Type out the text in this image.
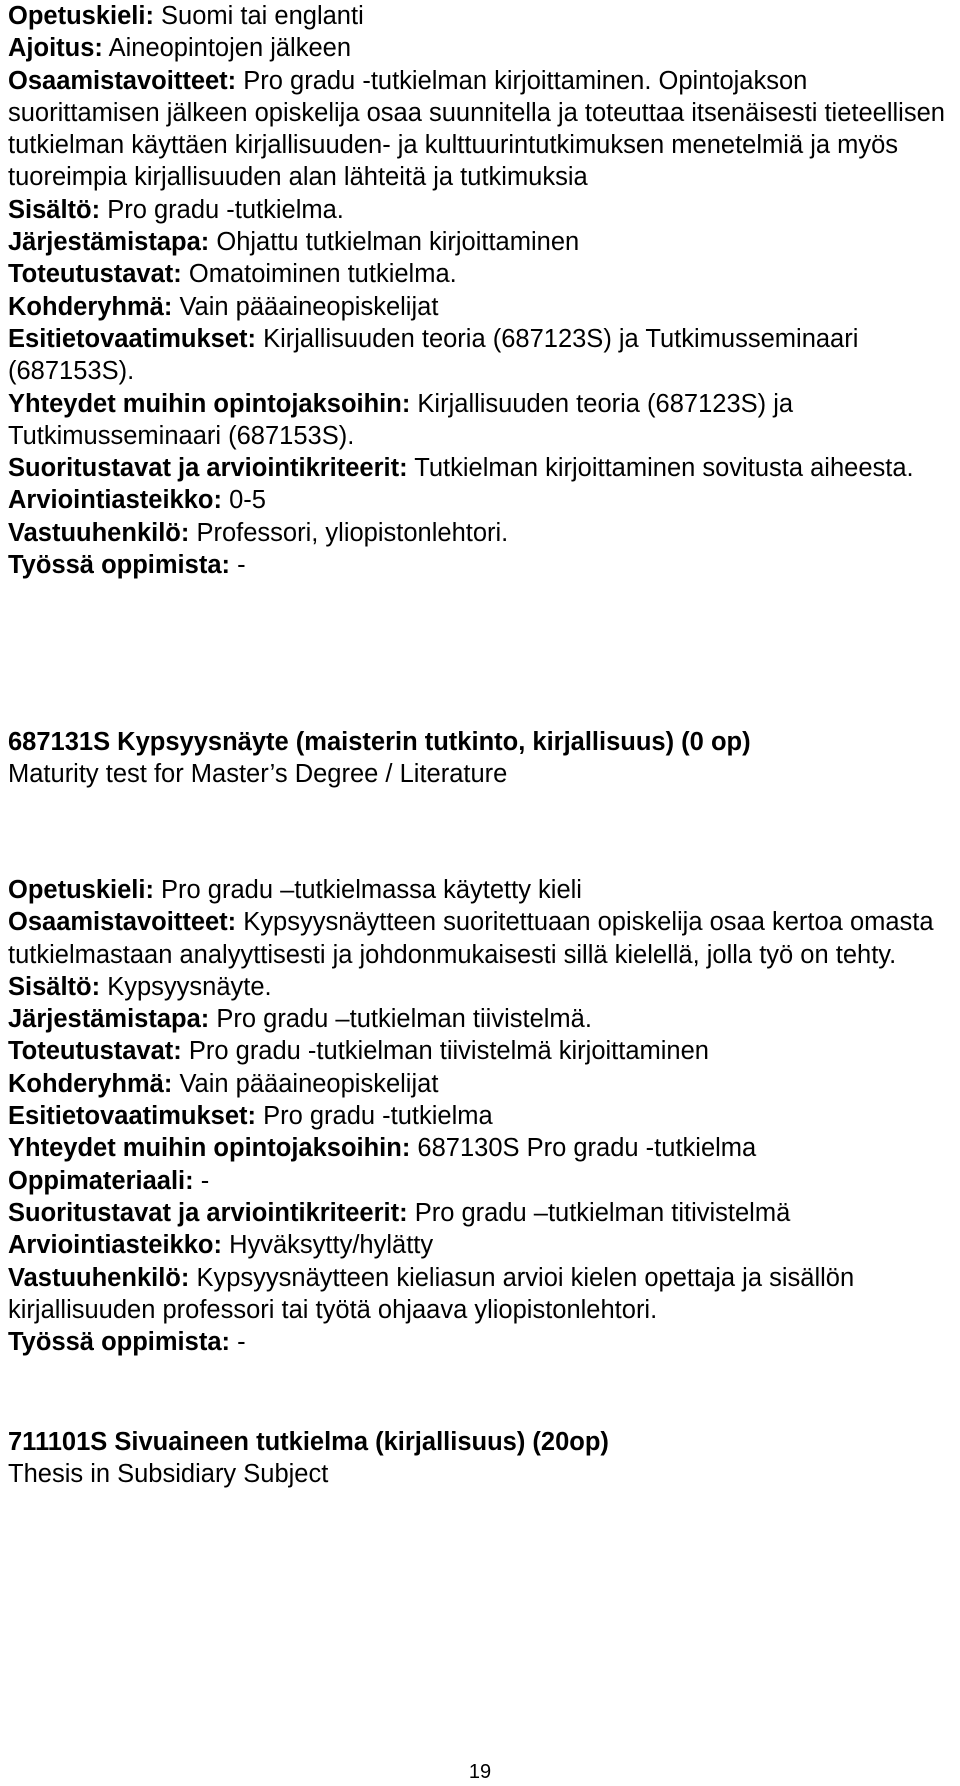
Opetuskieli: Suomi tai englanti

Ajoitus: Aineopintojen jälkeen

Osaamistavoitteet: Pro gradu -tutkielman kirjoittaminen. Opintojakson suorittamisen jälkeen opiskelija osaa suunnitella ja toteuttaa itsenäisesti tieteellisen tutkielman käyttäen kirjallisuuden- ja kulttuurintutkimuksen menetelmiä ja myös tuoreimpia kirjallisuuden alan lähteitä ja tutkimuksia

Sisältö: Pro gradu -tutkielma.

Järjestämistapa: Ohjattu tutkielman kirjoittaminen

Toteutustavat: Omatoiminen tutkielma.

Kohderyhmä: Vain pääaineopiskelijat

Esitietovaatimukset: Kirjallisuuden teoria (687123S) ja Tutkimusseminaari (687153S).

Yhteydet muihin opintojaksoihin: Kirjallisuuden teoria (687123S) ja Tutkimusseminaari (687153S).

Suoritustavat ja arviointikriteerit: Tutkielman kirjoittaminen sovitusta aiheesta.

Arviointiasteikko: 0-5

Vastuuhenkilö: Professori, yliopistonlehtori.

Työssä oppimista: -

687131S Kypsyysnäyte (maisterin tutkinto, kirjallisuus) (0 op)

Maturity test for Master’s Degree / Literature

Opetuskieli: Pro gradu –tutkielmassa käytetty kieli

Osaamistavoitteet: Kypsyysnäytteen suoritettuaan opiskelija osaa kertoa omasta tutkielmastaan analyyttisesti ja johdonmukaisesti sillä kielellä, jolla työ on tehty.

Sisältö: Kypsyysnäyte.

Järjestämistapa: Pro gradu –tutkielman tiivistelmä.

Toteutustavat: Pro gradu -tutkielman tiivistelmä kirjoittaminen

Kohderyhmä: Vain pääaineopiskelijat

Esitietovaatimukset: Pro gradu -tutkielma

Yhteydet muihin opintojaksoihin: 687130S Pro gradu -tutkielma

Oppimateriaali: -

Suoritustavat ja arviointikriteerit: Pro gradu –tutkielman titivistelmä

Arviointiasteikko: Hyväksytty/hylätty

Vastuuhenkilö: Kypsyysnäytteen kieliasun arvioi kielen opettaja ja sisällön kirjallisuuden professori tai työtä ohjaava yliopistonlehtori.

Työssä oppimista: -

711101S Sivuaineen tutkielma (kirjallisuus) (20op)

Thesis in Subsidiary Subject

19
